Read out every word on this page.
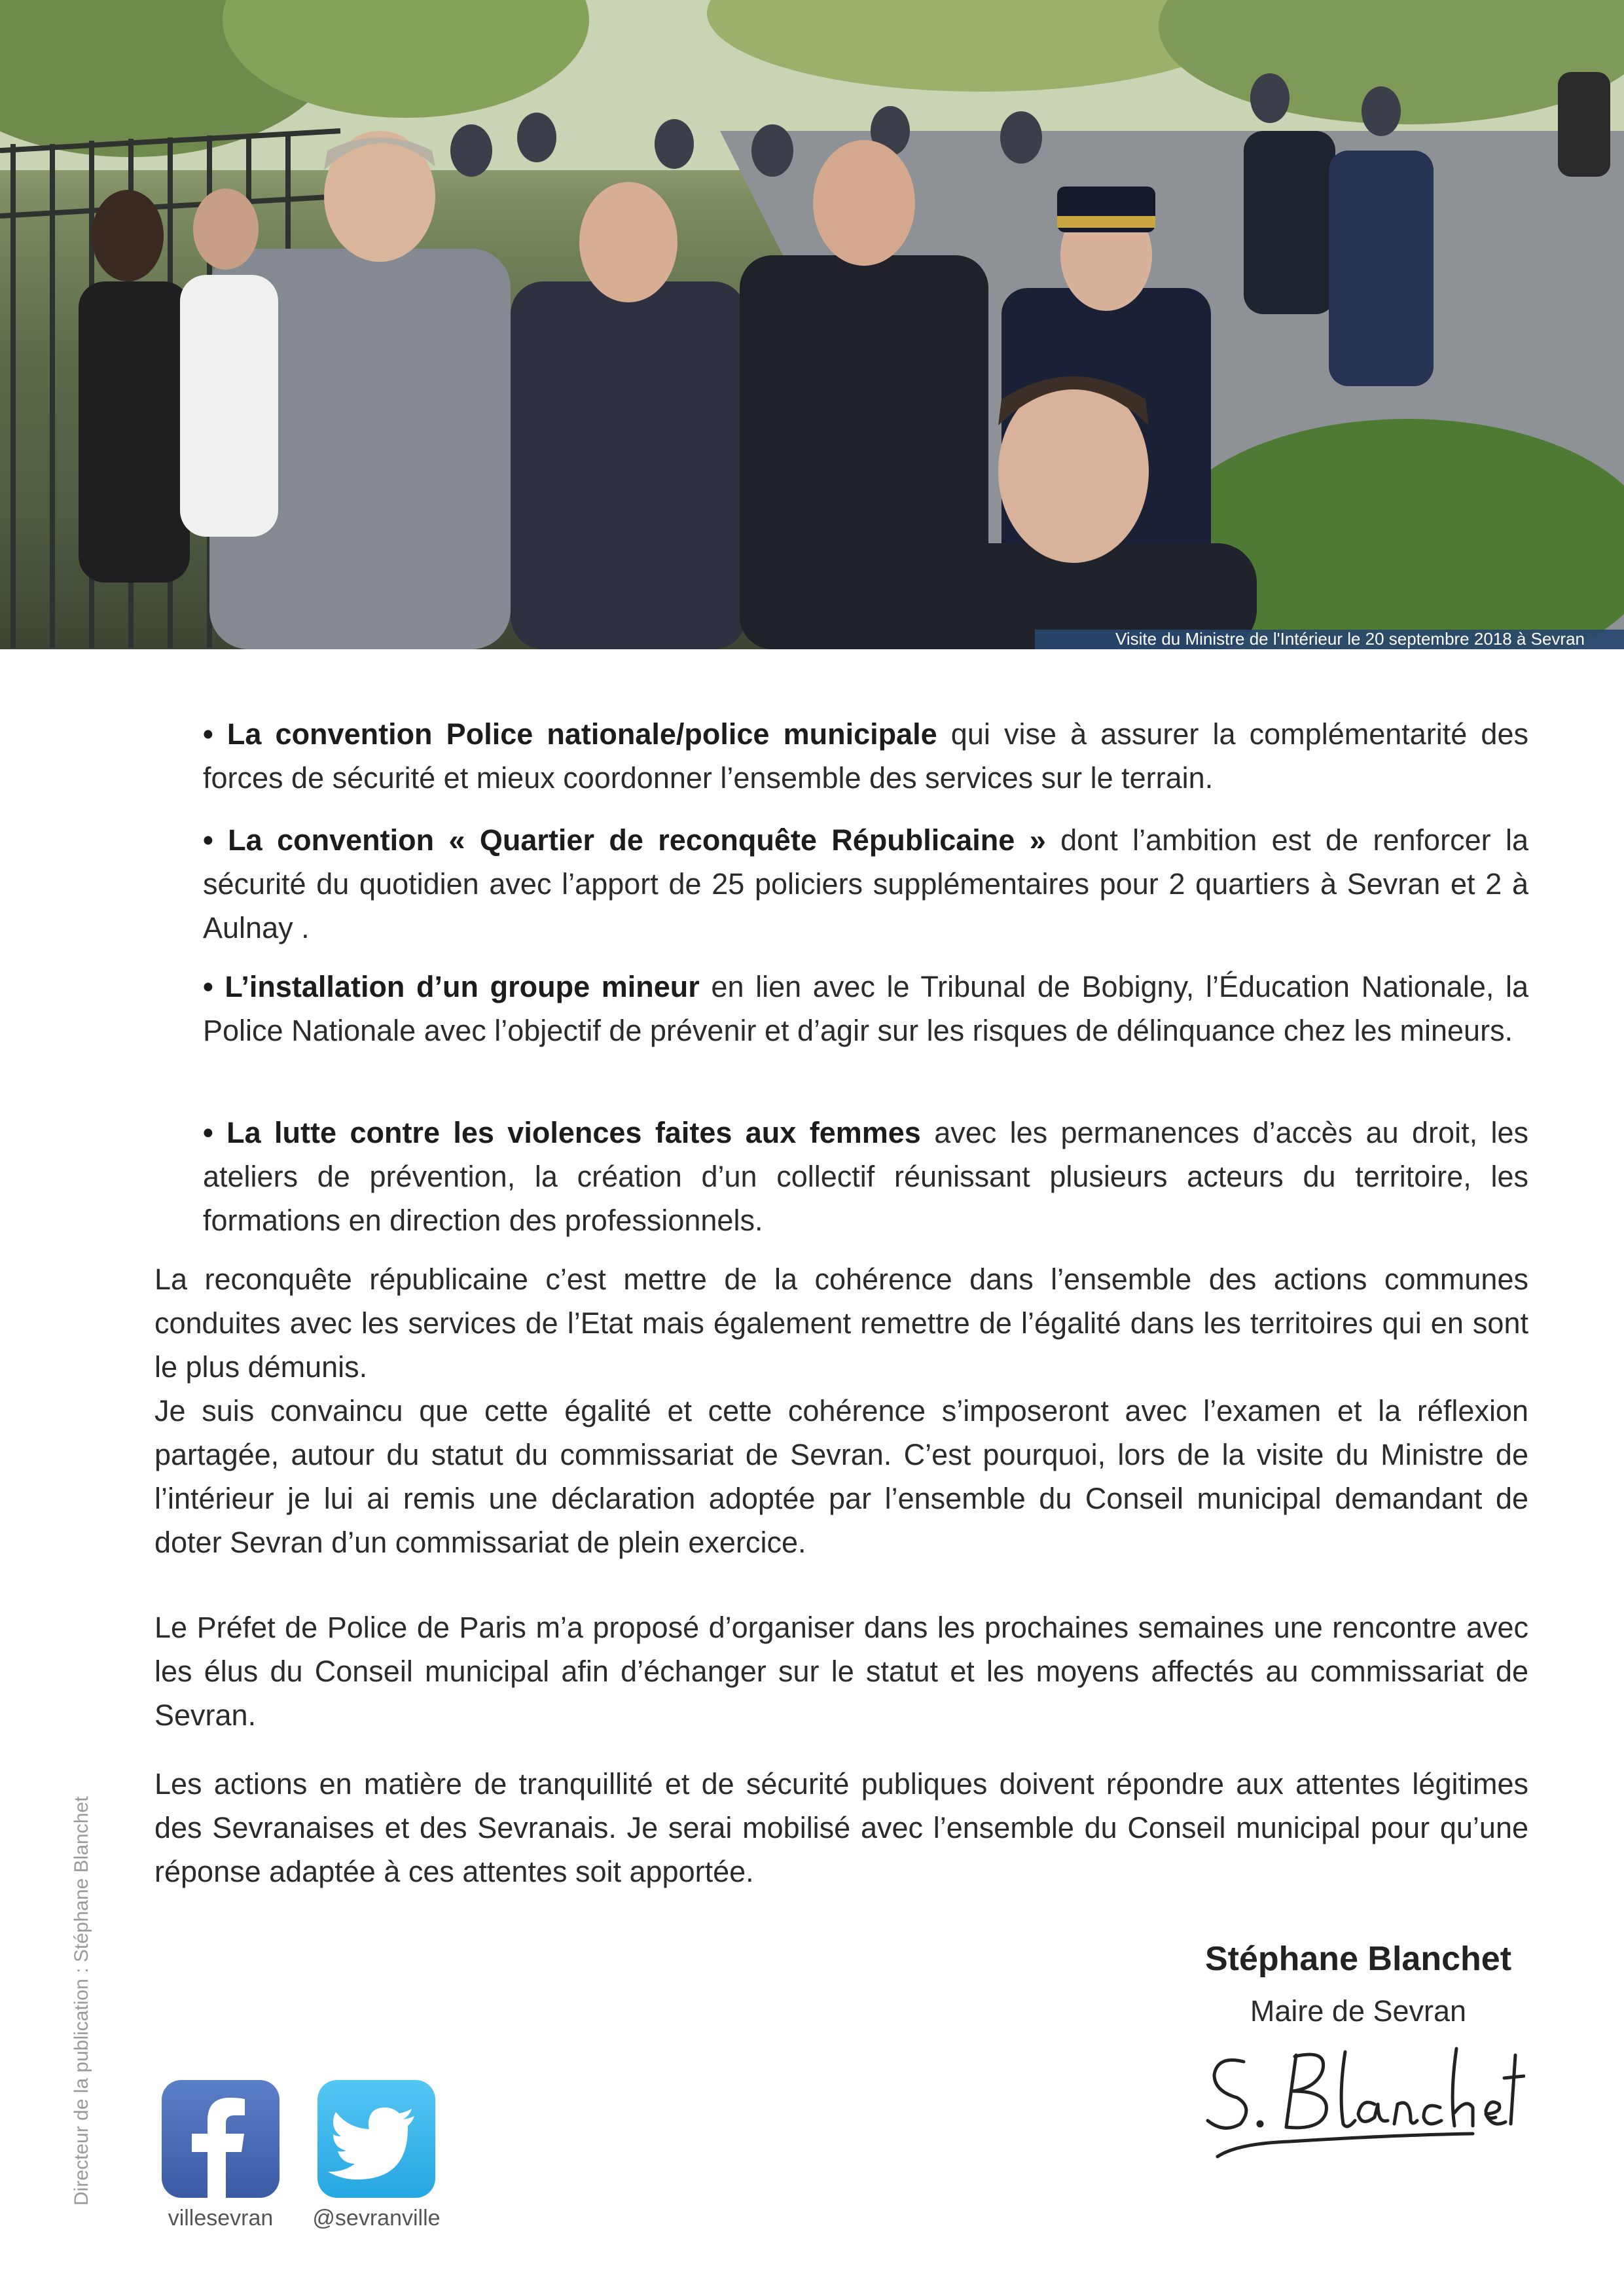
Visite du Ministre de l'Intérieur le 20 septembre 2018 à Sevran
• La convention Police nationale/police municipale qui vise à assurer la complémentarité des forces de sécurité et mieux coordonner l’ensemble des services sur le terrain.
• La convention « Quartier de reconquête Républicaine » dont l’ambition est de renforcer la sécurité du quotidien avec l’apport de 25 policiers supplémentaires pour 2 quartiers à Sevran et 2 à Aulnay .
• L’installation d’un groupe mineur en lien avec le Tribunal de Bobigny, l’Éducation Nationale, la Police Nationale avec l’objectif de prévenir et d’agir sur les risques de délinquance chez les mineurs.
• La lutte contre les violences faites aux femmes avec les permanences d’accès au droit, les ateliers de prévention, la création d’un collectif réunissant plusieurs acteurs du territoire, les formations en direction des professionnels.
La reconquête républicaine c’est mettre de la cohérence dans l’ensemble des actions communes conduites avec les services de l’Etat mais également remettre de l’égalité dans les territoires qui en sont le plus démunis.
Je suis convaincu que cette égalité et cette cohérence s’imposeront avec l’examen et la réflexion partagée, autour du statut du commissariat de Sevran. C’est pourquoi, lors de la visite du Ministre de l’intérieur je lui ai remis une déclaration adoptée par l’ensemble du Conseil municipal demandant de doter Sevran d’un commissariat de plein exercice.
Le Préfet de Police de Paris m’a proposé d’organiser dans les prochaines semaines une rencontre avec les élus du Conseil municipal afin d’échanger sur le statut et les moyens affectés au commissariat de Sevran.
Les actions en matière de tranquillité et de sécurité publiques doivent répondre aux attentes légitimes des Sevranaises et des Sevranais. Je serai mobilisé avec l’ensemble du Conseil municipal pour qu’une réponse adaptée à ces attentes soit apportée.
Stéphane Blanchet
Maire de Sevran
Directeur de la publication : Stéphane Blanchet
villesevran	@sevranville
